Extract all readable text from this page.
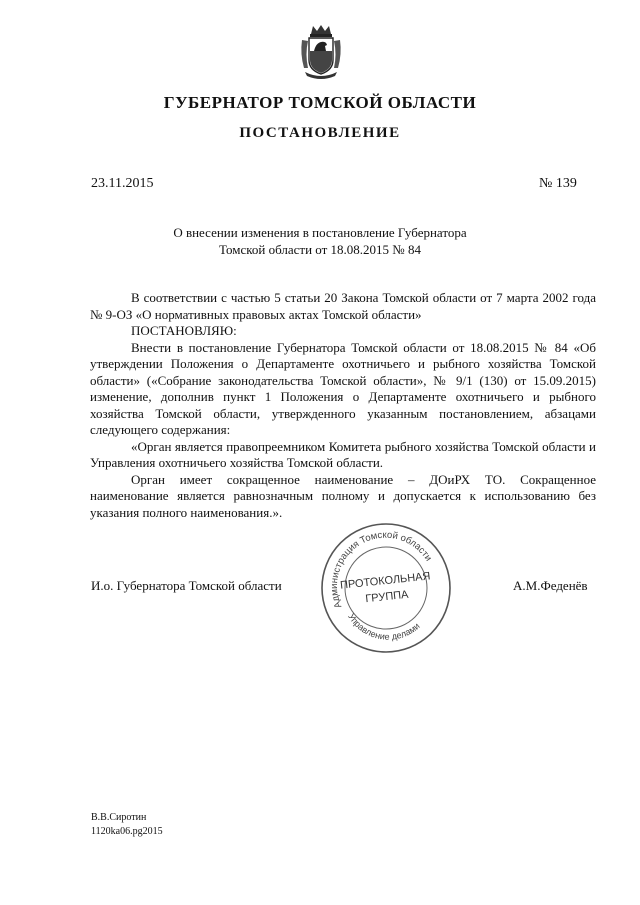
ГУБЕРНАТОР ТОМСКОЙ ОБЛАСТИ
ПОСТАНОВЛЕНИЕ
23.11.2015	№ 139
О внесении изменения в постановление Губернатора
Томской области от 18.08.2015 № 84

В соответствии с частью 5 статьи 20 Закона Томской области от 7 марта 2002 года № 9-ОЗ «О нормативных правовых актах Томской области»

ПОСТАНОВЛЯЮ:

Внести в постановление Губернатора Томской области от 18.08.2015 № 84 «Об утверждении Положения о Департаменте охотничьего и рыбного хозяйства Томской области» («Собрание законодательства Томской области», № 9/1 (130) от 15.09.2015) изменение, дополнив пункт 1 Положения о Департаменте охотничьего и рыбного хозяйства Томской области, утвержденного указанным постановлением, абзацами следующего содержания:

«Орган является правопреемником Комитета рыбного хозяйства Томской области и Управления охотничьего хозяйства Томской области.

Орган имеет сокращенное наименование – ДОиРХ ТО. Сокращенное наименование является равнозначным полному и допускается к использованию без указания полного наименования.».

И.о. Губернатора Томской области	А.М.Феденёв
Администрация Томской области
Управление делами
ПРОТОКОЛЬНАЯ
ГРУППА
В.В.Сиротин
1120ka06.pg2015
